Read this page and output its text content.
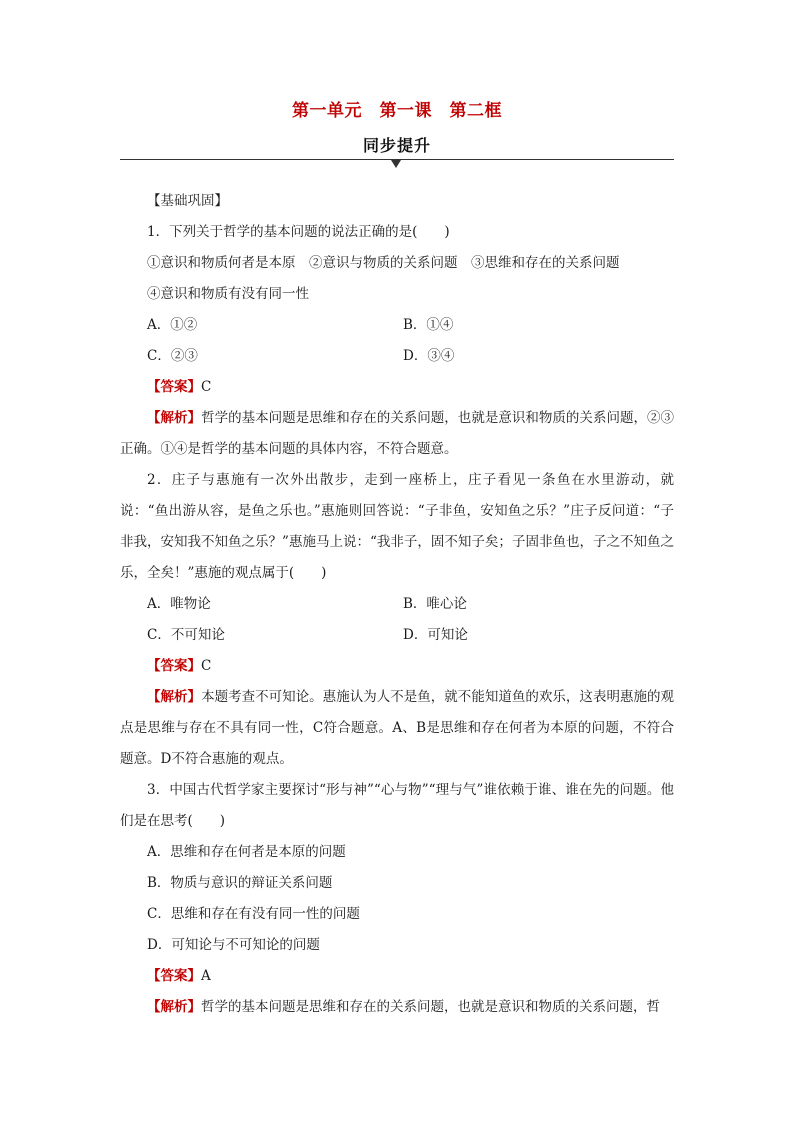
第一单元　第一课　第二框
同步提升
【基础巩固】
1．下列关于哲学的基本问题的说法正确的是(　　)
①意识和物质何者是本原　②意识与物质的关系问题　③思维和存在的关系问题
④意识和物质有没有同一性
A．①②	B．①④
C．②③	D．③④
【答案】C
【解析】哲学的基本问题是思维和存在的关系问题，也就是意识和物质的关系问题，②③正确。①④是哲学的基本问题的具体内容，不符合题意。
2．庄子与惠施有一次外出散步，走到一座桥上，庄子看见一条鱼在水里游动，就说：“鱼出游从容，是鱼之乐也。”惠施则回答说：“子非鱼，安知鱼之乐？”庄子反问道：“子非我，安知我不知鱼之乐？”惠施马上说：“我非子，固不知子矣；子固非鱼也，子之不知鱼之乐，全矣！”惠施的观点属于(　　)
A．唯物论	B．唯心论
C．不可知论	D．可知论
【答案】C
【解析】本题考查不可知论。惠施认为人不是鱼，就不能知道鱼的欢乐，这表明惠施的观点是思维与存在不具有同一性，C符合题意。A、B是思维和存在何者为本原的问题，不符合题意。D不符合惠施的观点。
3．中国古代哲学家主要探讨“形与神”“心与物”“理与气”谁依赖于谁、谁在先的问题。他们是在思考(　　)
A．思维和存在何者是本原的问题
B．物质与意识的辩证关系问题
C．思维和存在有没有同一性的问题
D．可知论与不可知论的问题
【答案】A
【解析】哲学的基本问题是思维和存在的关系问题，也就是意识和物质的关系问题，哲
